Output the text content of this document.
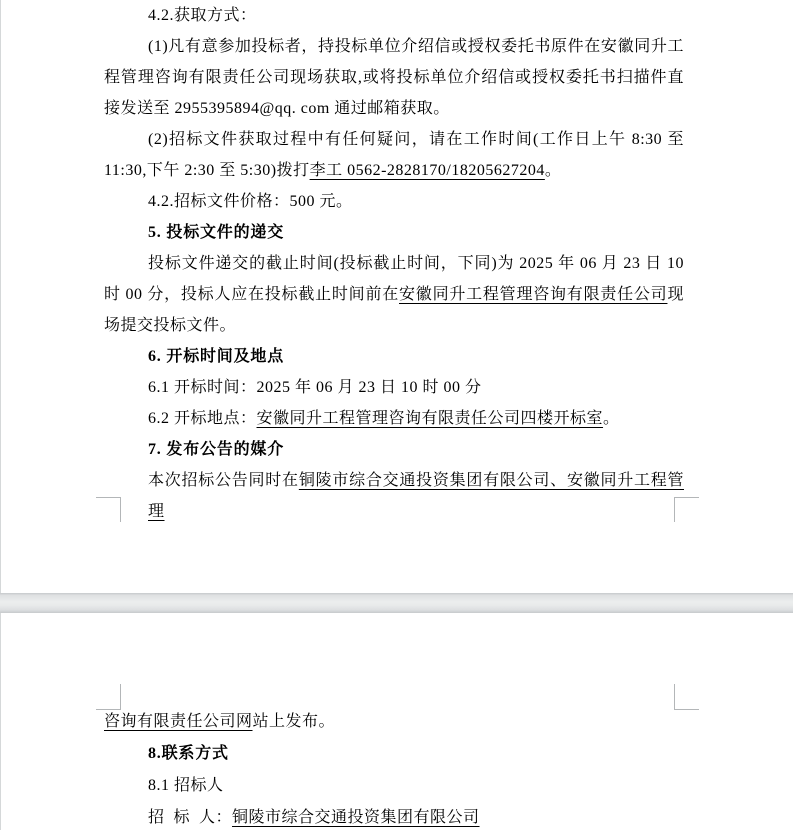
4.2.获取方式：
(1)凡有意参加投标者，持投标单位介绍信或授权委托书原件在安徽同升工
程管理咨询有限责任公司现场获取,或将投标单位介绍信或授权委托书扫描件直
接发送至 2955395894@qq. com 通过邮箱获取。
(2)招标文件获取过程中有任何疑问，请在工作时间(工作日上午 8:30 至
11:30,下午 2:30 至 5:30)拨打李工 0562-2828170/18205627204。
4.2.招标文件价格：500 元。
5. 投标文件的递交
投标文件递交的截止时间(投标截止时间，下同)为 2025 年 06 月 23 日 10
时 00 分，投标人应在投标截止时间前在安徽同升工程管理咨询有限责任公司现
场提交投标文件。
6. 开标时间及地点
6.1 开标时间：2025 年 06 月 23 日 10 时 00 分
6.2 开标地点：安徽同升工程管理咨询有限责任公司四楼开标室。
7. 发布公告的媒介
本次招标公告同时在铜陵市综合交通投资集团有限公司、安徽同升工程管理
咨询有限责任公司网站上发布。
8.联系方式
8.1 招标人
招  标  人：铜陵市综合交通投资集团有限公司
